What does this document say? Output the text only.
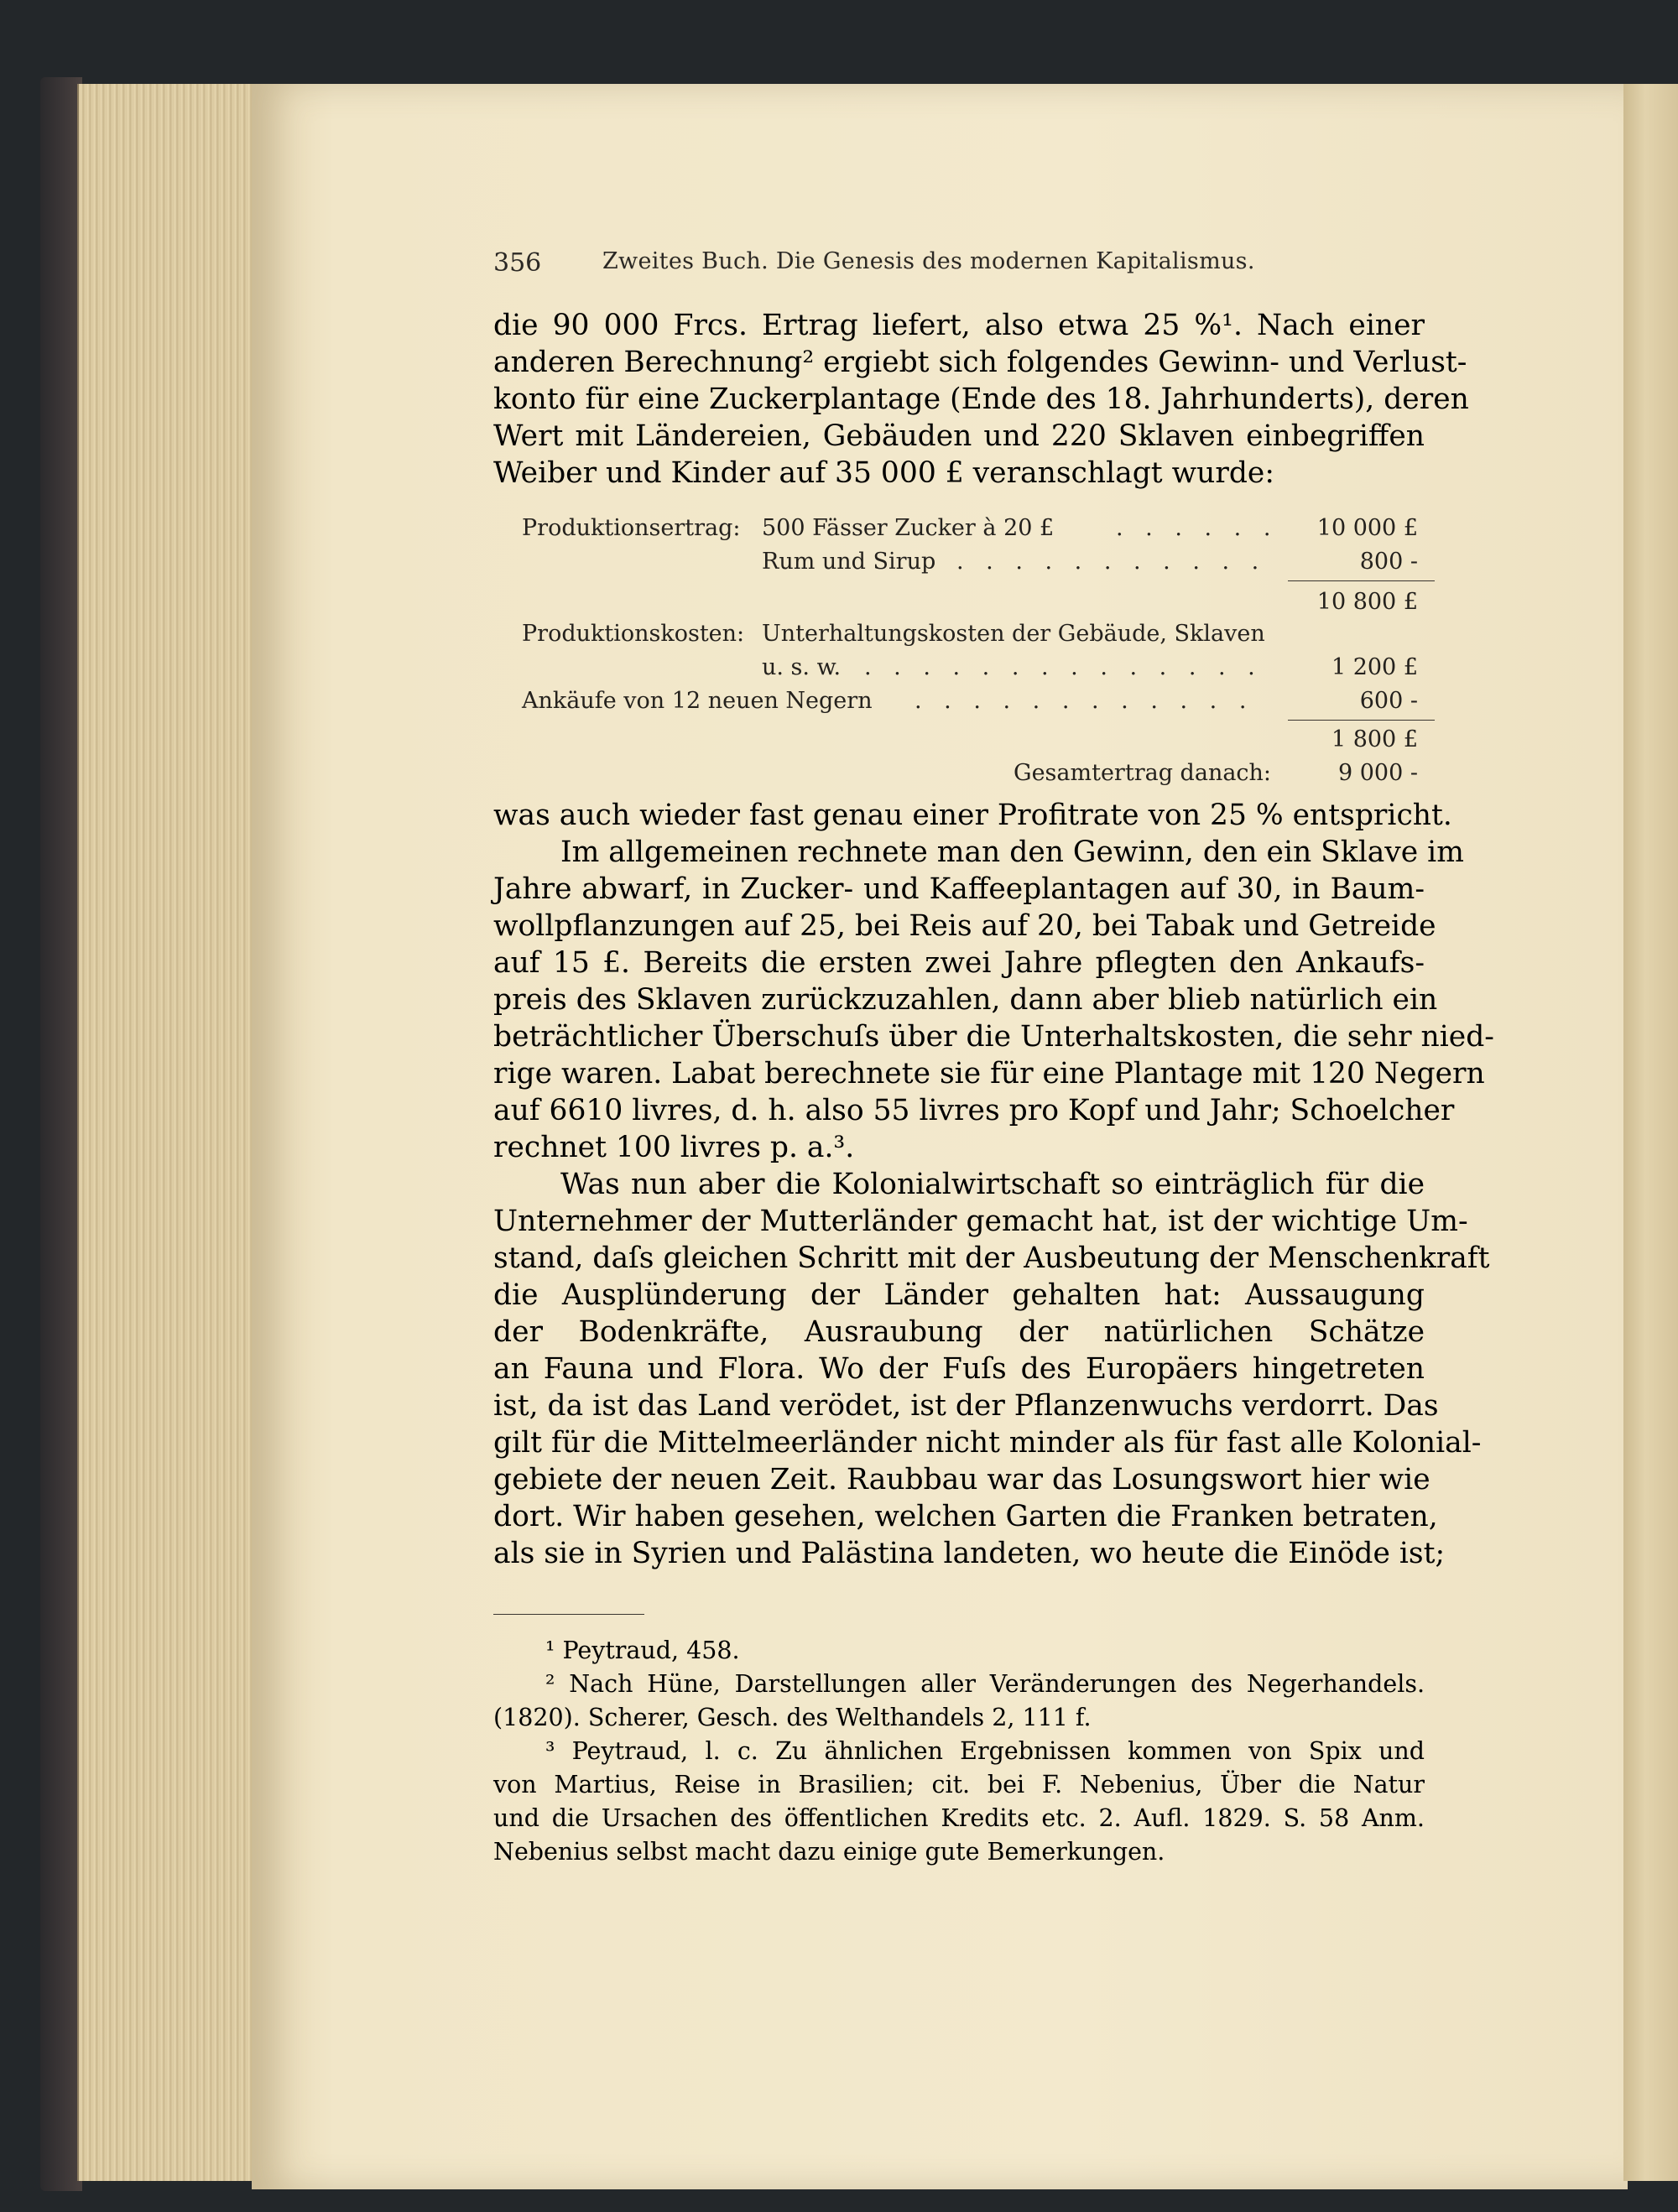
356	Zweites Buch. Die Genesis des modernen Kapitalismus.
die 90 000 Frcs. Ertrag liefert, also etwa 25 %¹. Nach einer
anderen Berechnung² ergiebt sich folgendes Gewinn- und Verlust-
konto für eine Zuckerplantage (Ende des 18. Jahrhunderts), deren
Wert mit Ländereien, Gebäuden und 220 Sklaven einbegriffen
Weiber und Kinder auf 35 000 £ veranschlagt wurde:
Produktionsertrag: 500 Fässer Zucker à 20 £	. . . . . .	10 000 £
Rum und Sirup . . . . . . . . . . .	800 -
10 800 £
Produktionskosten: Unterhaltungskosten der Gebäude, Sklaven
u. s. w. . . . . . . . . . . . . . .	1 200 £
Ankäufe von 12 neuen Negern . . . . . . . . . . . .	600 -
1 800 £
Gesamtertrag danach:	9 000 -
was auch wieder fast genau einer Profitrate von 25 % entspricht.
Im allgemeinen rechnete man den Gewinn, den ein Sklave im
Jahre abwarf, in Zucker- und Kaffeeplantagen auf 30, in Baum-
wollpflanzungen auf 25, bei Reis auf 20, bei Tabak und Getreide
auf 15 £. Bereits die ersten zwei Jahre pflegten den Ankaufs-
preis des Sklaven zurückzuzahlen, dann aber blieb natürlich ein
beträchtlicher Überschuſs über die Unterhaltskosten, die sehr nied-
rige waren. Labat berechnete sie für eine Plantage mit 120 Negern
auf 6610 livres, d. h. also 55 livres pro Kopf und Jahr; Schoelcher
rechnet 100 livres p. a.³.
Was nun aber die Kolonialwirtschaft so einträglich für die
Unternehmer der Mutterländer gemacht hat, ist der wichtige Um-
stand, daſs gleichen Schritt mit der Ausbeutung der Menschenkraft
die Ausplünderung der Länder gehalten hat: Aussaugung
der Bodenkräfte, Ausraubung der natürlichen Schätze
an Fauna und Flora. Wo der Fuſs des Europäers hingetreten
ist, da ist das Land verödet, ist der Pflanzenwuchs verdorrt. Das
gilt für die Mittelmeerländer nicht minder als für fast alle Kolonial-
gebiete der neuen Zeit. Raubbau war das Losungswort hier wie
dort. Wir haben gesehen, welchen Garten die Franken betraten,
als sie in Syrien und Palästina landeten, wo heute die Einöde ist;
¹ Peytraud, 458.
² Nach Hüne, Darstellungen aller Veränderungen des Negerhandels.
(1820). Scherer, Gesch. des Welthandels 2, 111 f.
³ Peytraud, l. c. Zu ähnlichen Ergebnissen kommen von Spix und
von Martius, Reise in Brasilien; cit. bei F. Nebenius, Über die Natur
und die Ursachen des öffentlichen Kredits etc. 2. Aufl. 1829. S. 58 Anm.
Nebenius selbst macht dazu einige gute Bemerkungen.
